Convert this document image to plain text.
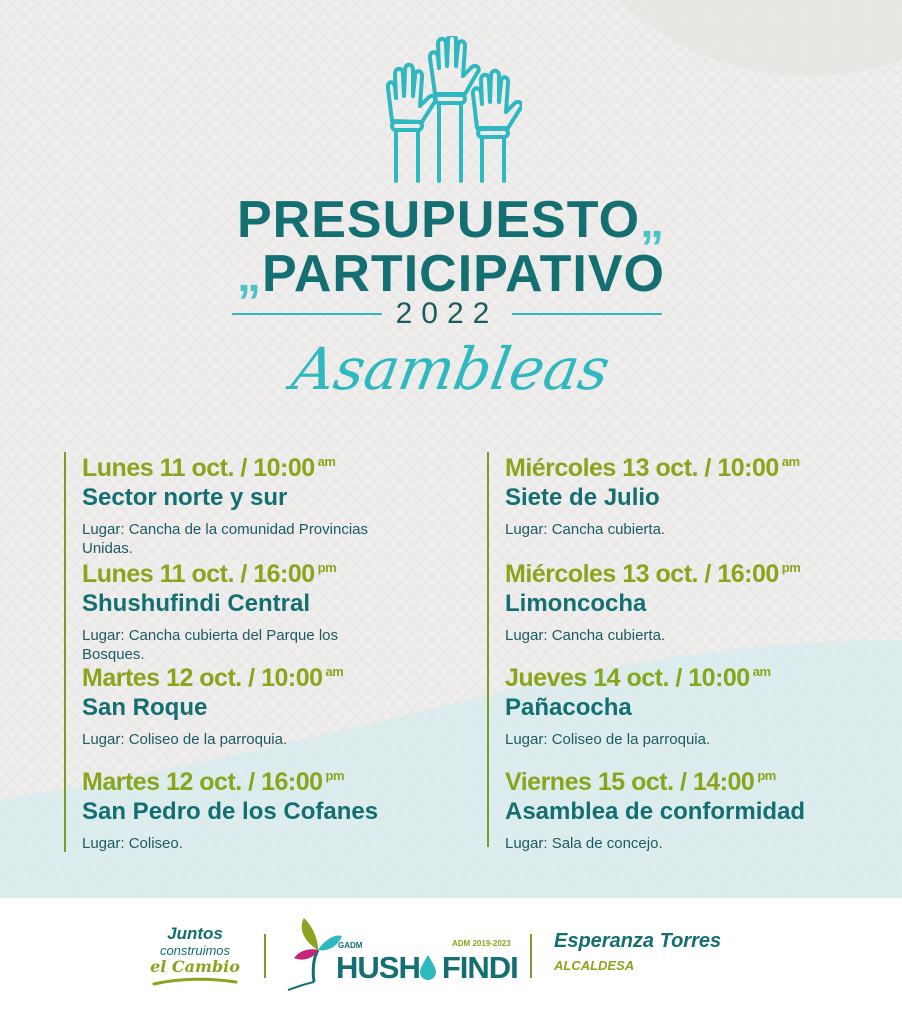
PRESUPUESTO„
„PARTICIPATIVO
2022
Asambleas
Lunes 11 oct. / 10:00 $^{am}$
Sector norte y sur
Lugar: Cancha de la comunidad Provincias Unidas.
Lunes 11 oct. / 16:00 $^{pm}$
Shushufindi Central
Lugar: Cancha cubierta del Parque los Bosques.
Martes 12 oct. / 10:00 $^{am}$
San Roque
Lugar: Coliseo de la parroquia.
Martes 12 oct. / 16:00 $^{pm}$
San Pedro de los Cofanes
Lugar: Coliseo.
Miércoles 13 oct. / 10:00 $^{am}$
Siete de Julio
Lugar: Cancha cubierta.
Miércoles 13 oct. / 16:00 $^{pm}$
Limoncocha
Lugar: Cancha cubierta.
Jueves 14 oct. / 10:00 $^{am}$
Pañacocha
Lugar: Coliseo de la parroquia.
Viernes 15 oct. / 14:00 $^{pm}$
Asamblea de conformidad
Lugar: Sala de concejo.
Juntos
construimos
el Cambio
GADM	ADM 2019-2023
HUSH FINDI
Esperanza Torres
ALCALDESA
